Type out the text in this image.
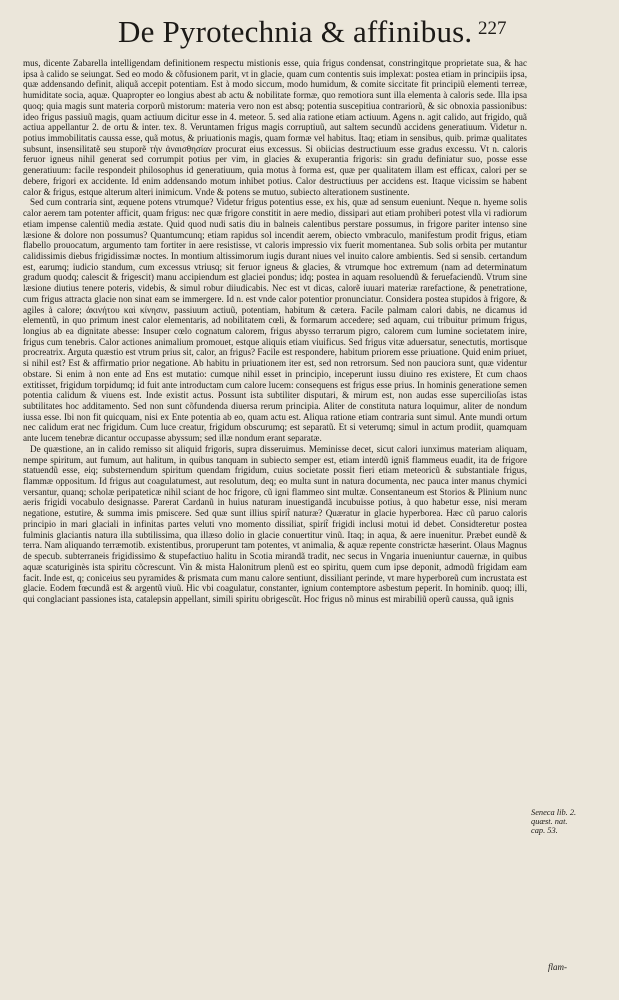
De Pyrotechnia & affinibus. 227

mus, dicente Zabarella intelligendam definitionem respectu mistionis esse, quia frigus condensat, constringitque proprietate sua, & hac ipsa à calido se seiungat. Sed eo modo & cõfusionem parit, vt in glacie, quam cum contentis suis implexat: postea etiam in principiis ipsa, quæ addensando definit, aliquã accepit potentiam. Est à modo siccum, modo humidum, & comite siccitate fit principiũ elementi terreæ, humiditate socia, aquæ. Quapropter eo longius abest ab actu & nobilitate formæ, quo remotiora sunt illa elementa à caloris sede. Illa ipsa quoq; quia magis sunt materia corporũ mistorum: materia vero non est absq; potentia suscepitiua contrariorũ, & sic obnoxia passionibus: ideo frigus passiuũ magis, quam actiuum dicitur esse in 4. meteor. 5. sed alia ratione etiam actiuum. Agens n. agit calido, aut frigido, quã actiua appellantur 2. de ortu & inter. tex. 8. Veruntamen frigus magis corruptiuũ, aut saltem secundũ accidens generatiuum. Videtur n. potius immobilitatis caussa esse, quã motus, & priuationis magis, quam formæ vel habitus. Itaq; etiam in sensibus, quib. primæ qualitates subsunt, insensilitatẽ seu stuporẽ τὴν ἀναισθησίαν procurat eius excessus. Si obiicias destructiuum esse gradus excessu. Vt n. caloris feruor igneus nihil generat sed corrumpit potius per vim, in glacies & exuperantia frigoris: sin gradu definiatur suo, posse esse generatiuum: facile respondeit philosophus id generatiuum, quia motus à forma est, quæ per qualitatem illam est efficax, calori per se debere, frigori ex accidente. Id enim addensando motum inhibet potius. Calor destructiuus per accidens est. Itaque vicissim se habent calor & frigus, estque alterum alteri inimicum. Vnde & potens se mutuo, subiecto alterationem sustinente.

Sed cum contraria sint, æquene potens vtrumque? Videtur frigus potentius esse, ex his, quæ ad sensum eueniunt. Neque n. hyeme solis calor aerem tam potenter afficit, quam frigus: nec quæ frigore constitit in aere medio, dissipari aut etiam prohiberi potest vlla vi radiorum etiam impense calentiũ media æstate. Quid quod nudi satis diu in balneis calentibus perstare possumus, in frigore pariter intenso sine læsione & dolore non possumus? Quantumcunq; etiam rapidus sol incendit aerem, obiecto vmbraculo, manifestum prodit frigus, etiam flabello prouocatum, argumento tam fortiter in aere resistisse, vt caloris impressio vix fuerit momentanea. Sub solis orbita per mutantur calidissimis diebus frigidissimæ noctes. In montium altissimorum iugis durant niues vel inuito calore ambientis. Sed si sensib. certandum est, earumq; iudicio standum, cum excessus vtriusq; sit feruor igneus & glacies, & vtrumque hoc extremum (nam ad determinatum gradum quodq; calescit & frigescit) manu accipiendum est glaciei pondus; idq; postea in aquam resoluendũ & feruefaciendũ. Vtrum sine læsione diutius tenere poteris, videbis, & simul robur diiudicabis. Nec est vt dicas, calorẽ iuuari materiæ rarefactione, & penetratione, cum frigus attracta glacie non sinat eam se immergere. Id n. est vnde calor potentior pronunciatur. Considera postea stupidos à frigore, & agiles à calore; ἀκινήτου καὶ κίνησιν, passiuum actiuũ, potentiam, habitum & cætera. Facile palmam calori dabis, ne dicamus id elementũ, in quo primum inest calor elementaris, ad nobilitatem cœli, & formarum accedere; sed aquam, cui tribuitur primum frigus, longius ab ea dignitate abesse: Insuper cœlo cognatum calorem, frigus abysso terrarum pigro, calorem cum lumine societatem inire, frigus cum tenebris. Calor actiones animalium promouet, estque aliquis etiam viuificus. Sed frigus vitæ aduersatur, senectutis, mortisque procreatrix. Arguta quæstio est vtrum prius sit, calor, an frigus? Facile est respondere, habitum priorem esse priuatione. Quid enim priuet, si nihil est? Est & affirmatio prior negatione. Ab habitu in priuationem iter est, sed non retrorsum. Sed non pauciora sunt, quæ videntur obstare. Si enim à non ente ad Ens est mutatio: cumque nihil esset in principio, inceperunt iussu diuino res existere, Et cum chaos extitisset, frigidum torpidumq; id fuit ante introductam cum calore lucem: consequens est frigus esse prius. In hominis generatione semen potentia calidum & viuens est. Inde existit actus. Possunt ista subtiliter disputari, & mirum est, non audas esse supercilioſas istas subtilitates hoc additamento. Sed non sunt cõfundenda diuersa rerum principia. Aliter de constituta natura loquimur, aliter de nondum iussa esse. Ibi non fit quicquam, nisi ex Ente potentia ab eo, quam actu est. Aliqua ratione etiam contraria sunt simul. Ante mundi ortum nec calidum erat nec frigidum. Cum luce creatur, frigidum obscurumq; est separatũ. Et si veterumq; simul in actum prodiit, quamquam ante lucem tenebræ dicantur occupasse abyssum; sed illæ nondum erant separatæ.

De quæstione, an in calido remisso sit aliquid frigoris, supra disseruimus. Meminisse decet, sicut calori iunximus materiam aliquam, nempe spiritum, aut fumum, aut halitum, in quibus tanquam in subiecto semper est, etiam interdũ igniš flammeus euadit, ita de frigore statuendũ esse, eiq; substernendum spiritum quendam frigidum, cuius societate possit fieri etiam meteoricũ & substantiale frigus, flammæ oppositum. Id frigus aut coagulatumest, aut resolutum, deq; eo multa sunt in natura documenta, nec pauca inter manus chymici versantur, quanq; scholæ peripateticæ nihil sciant de hoc frigore, cũ igni flammeo sint multæ. Consentaneum est Storios & Plinium nunc aeris frigidi vocabulo designasse. Parerat Cardanũ in huius naturam inuestigandã incubuisse potius, à quo habetur esse, nisi meram negatione, estutire, & summa imis pmiscere. Sed quæ sunt illius spirit̃ naturæ? Quæratur in glacie hyperborea. Hæc cũ paruo caloris principio in mari glaciali in infinitas partes veluti vno momento dissiliat, spirit̃ frigidi inclusi motui id debet. Considteretur postea fulminis glaciantis natura illa subtilissima, qua illæso dolio in glacie conuertitur vinũ. Itaq; in aqua, & aere inuenitur. Præbet eundẽ & terra. Nam aliquando terræmotib. existentibus, proruperunt tam potentes, vt animalia, & aquæ repente constrictæ hæserint. Olaus Magnus de specub. subterraneis frigidissimo & stupefactiuo halitu in Scotia mirandã tradit, nec secus in Vngaria inueniuntur cauernæ, in quibus aquæ scaturiginès ista spiritu cõcrescunt. Vin & mista Halonitrum plenũ est eo spiritu, quem cum ipse deponit, admodũ frigidam eam facit. Inde est, q; coniceius seu pyramides & prismata cum manu calore sentiunt, dissiliant perinde, vt mare hyperboreũ cum incrustata est glacie. Eodem fœcundã est & argentũ viuũ. Hic vbi coagulatur, constanter, ignium contemptore asbestum peperit. In hominib. quoq; illi, qui conglaciant passiones ista, catalepsin appellant, simili spiritu obrigescũt. Hoc frigus nõ minus est mirabiliũ operũ caussa, quã ignis

Seneca lib. 2.
quæst. nat.
cap. 53.
flam-
